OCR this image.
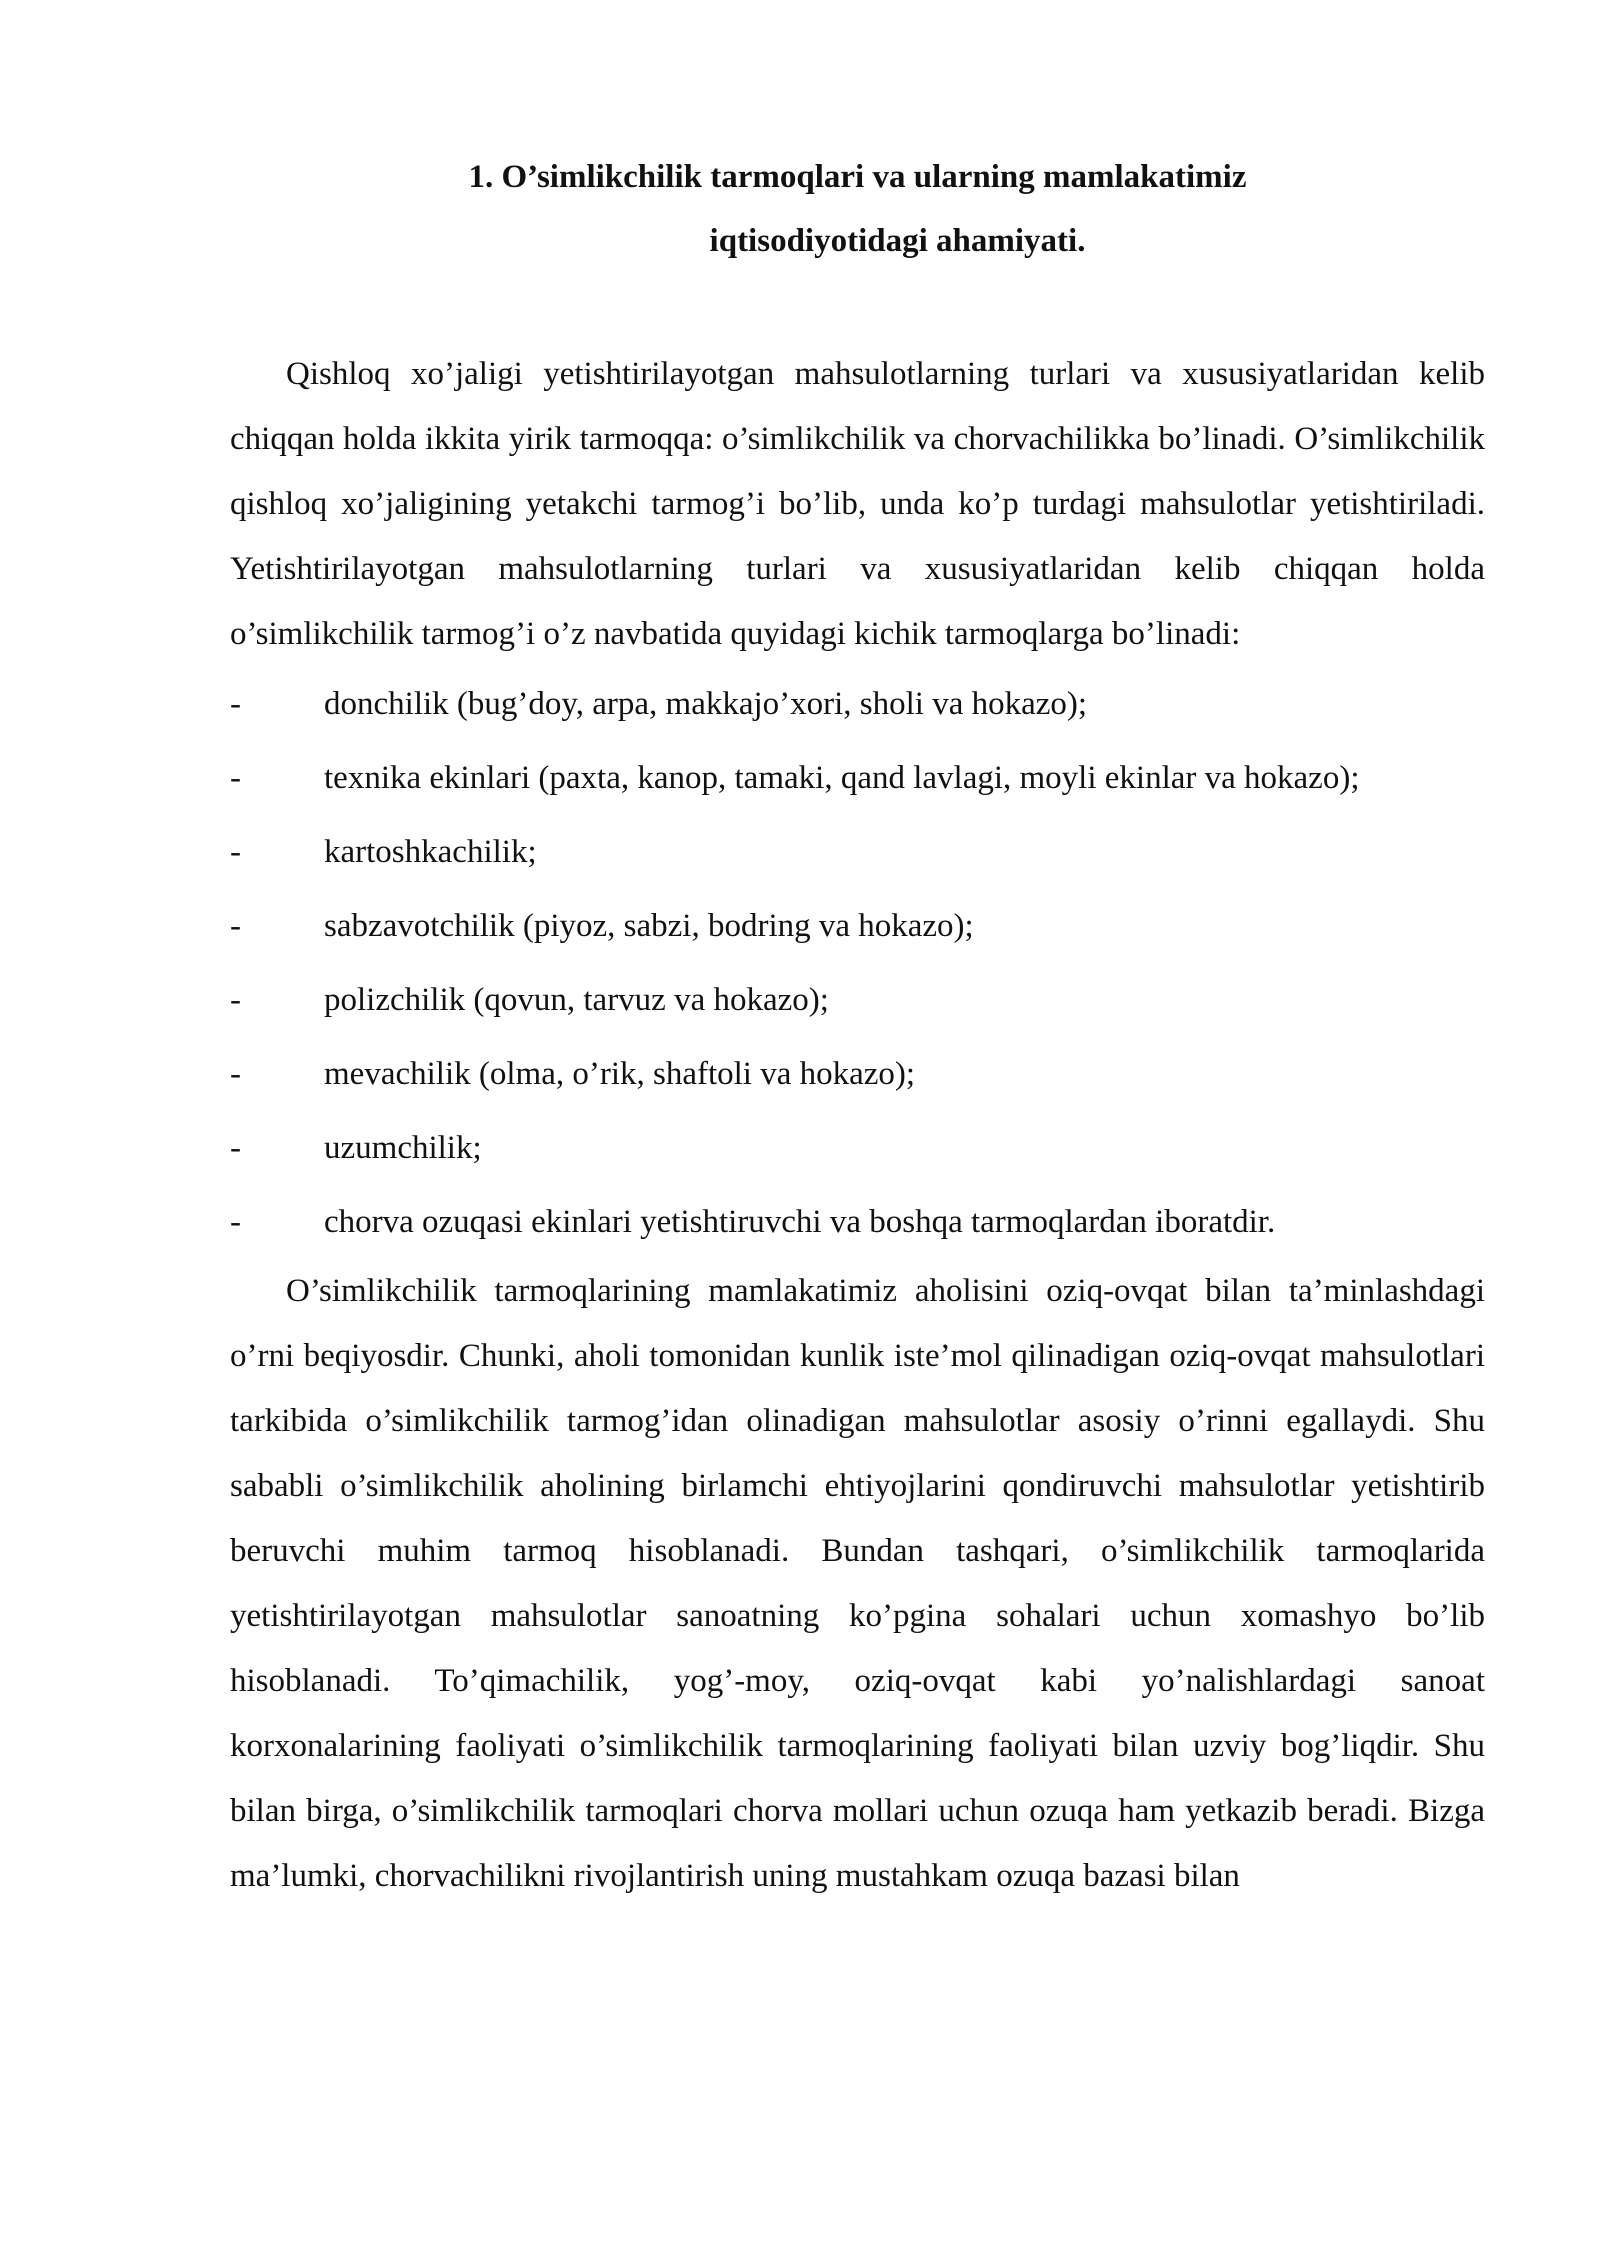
1. O’simlikchilik tarmoqlari va ularning mamlakatimiz
iqtisodiyotidagi ahamiyati.

Qishloq xo’jaligi yetishtirilayotgan mahsulotlarning turlari va xususiyatlaridan kelib chiqqan holda ikkita yirik tarmoqqa: o’simlikchilik va chorvachilikka bo’linadi. O’simlikchilik qishloq xo’jaligining yetakchi tarmog’i bo’lib, unda ko’p turdagi mahsulotlar yetishtiriladi. Yetishtirilayotgan mahsulotlarning turlari va xususiyatlaridan kelib chiqqan holda o’simlikchilik tarmog’i o’z navbatida quyidagi kichik tarmoqlarga bo’linadi:

-	donchilik (bug’doy, arpa, makkajo’xori, sholi va hokazo);
-	texnika ekinlari (paxta, kanop, tamaki, qand lavlagi, moyli ekinlar va hokazo);
-	kartoshkachilik;
-	sabzavotchilik (piyoz, sabzi, bodring va hokazo);
-	polizchilik (qovun, tarvuz va hokazo);
-	mevachilik (olma, o’rik, shaftoli va hokazo);
-	uzumchilik;
-	chorva ozuqasi ekinlari yetishtiruvchi va boshqa tarmoqlardan iboratdir.

O’simlikchilik tarmoqlarining mamlakatimiz aholisini oziq-ovqat bilan ta’minlashdagi o’rni beqiyosdir. Chunki, aholi tomonidan kunlik iste’mol qilinadigan oziq-ovqat mahsulotlari tarkibida o’simlikchilik tarmog’idan olinadigan mahsulotlar asosiy o’rinni egallaydi. Shu sababli o’simlikchilik aholining birlamchi ehtiyojlarini qondiruvchi mahsulotlar yetishtirib beruvchi muhim tarmoq hisoblanadi. Bundan tashqari, o’simlikchilik tarmoqlarida yetishtirilayotgan mahsulotlar sanoatning ko’pgina sohalari uchun xomashyo bo’lib hisoblanadi. To’qimachilik, yog’-moy, oziq-ovqat kabi yo’nalishlardagi sanoat korxonalarining faoliyati o’simlikchilik tarmoqlarining faoliyati bilan uzviy bog’liqdir. Shu bilan birga, o’simlikchilik tarmoqlari chorva mollari uchun ozuqa ham yetkazib beradi. Bizga ma’lumki, chorvachilikni rivojlantirish uning mustahkam ozuqa bazasi bilan
